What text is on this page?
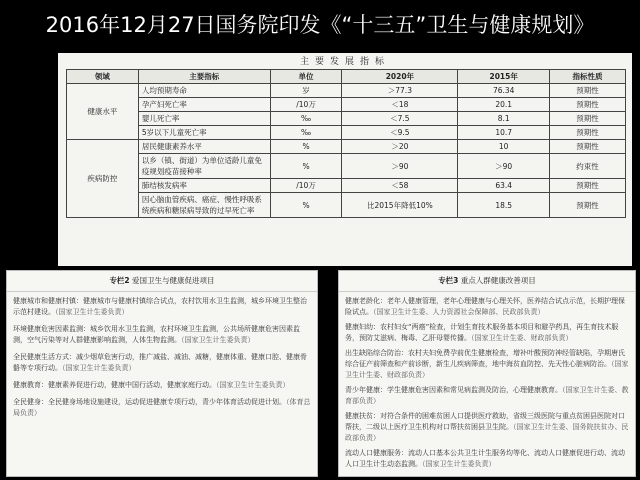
2016年12月27日国务院印发《“十三五”卫生与健康规划》
主要发展指标
领域	主要指标	单位	2020年	2015年	指标性质
健康水平	人均预期寿命	岁	＞77.3	76.34	预期性
	孕产妇死亡率	/10万	＜18	20.1	预期性
	婴儿死亡率	‰	＜7.5	8.1	预期性
	5岁以下儿童死亡率	‰	＜9.5	10.7	预期性
疾病防控	居民健康素养水平	%	＞20	10	预期性
	以乡（镇、街道）为单位适龄儿童免疫规划疫苗接种率	%	＞90	＞90	约束性
	肺结核发病率	/10万	＜58	63.4	预期性
	因心脑血管疾病、癌症、慢性呼吸系统疾病和糖尿病导致的过早死亡率	%	比2015年降低10%	18.5	预期性
专栏2 爱国卫生与健康促进项目

健康城市和健康村镇：健康城市与健康村镇综合试点，农村饮用水卫生监测，城乡环境卫生整治示范村建设。（国家卫生计生委负责）

环境健康危害因素监测：城乡饮用水卫生监测，农村环境卫生监测，公共场所健康危害因素监测，空气污染等对人群健康影响监测，人体生物监测。（国家卫生计生委负责）

全民健康生活方式：减少烟草危害行动，推广减盐、减油、减糖，健康体重、健康口腔、健康骨骼等专项行动。（国家卫生计生委负责）

健康教育：健康素养促进行动，健康中国行活动，健康家庭行动。（国家卫生计生委负责）

全民健身：全民健身场地设施建设，运动促进健康专项行动，青少年体育活动促进计划。（体育总局负责）

专栏3 重点人群健康改善项目

健康老龄化：老年人健康管理，老年心理健康与心理关怀，医养结合试点示范，长期护理保险试点。（国家卫生计生委、人力资源社会保障部、民政部负责）

健康妇幼：农村妇女“两癌”检查，计划生育技术服务基本项目和避孕药具，再生育技术服务，预防艾滋病、梅毒、乙肝母婴传播。（国家卫生计生委、财政部负责）

出生缺陷综合防治：农村夫妇免费孕前优生健康检查，增补叶酸预防神经管缺陷，孕期唐氏综合征产前筛查和产前诊断，新生儿疾病筛查，地中海贫血防控、先天性心脏病防治。（国家卫生计生委、财政部负责）

青少年健康：学生健康危害因素和常见病监测及防治，心理健康教育。（国家卫生计生委、教育部负责）

健康扶贫：对符合条件的困难贫困人口提供医疗救助，省级三级医院与重点贫困县医院对口帮扶，二级以上医疗卫生机构对口帮扶贫困县卫生院。（国家卫生计生委、国务院扶贫办、民政部负责）

流动人口健康服务：流动人口基本公共卫生计生服务均等化、流动人口健康促进行动、流动人口卫生计生动态监测。（国家卫生计生委负责）
